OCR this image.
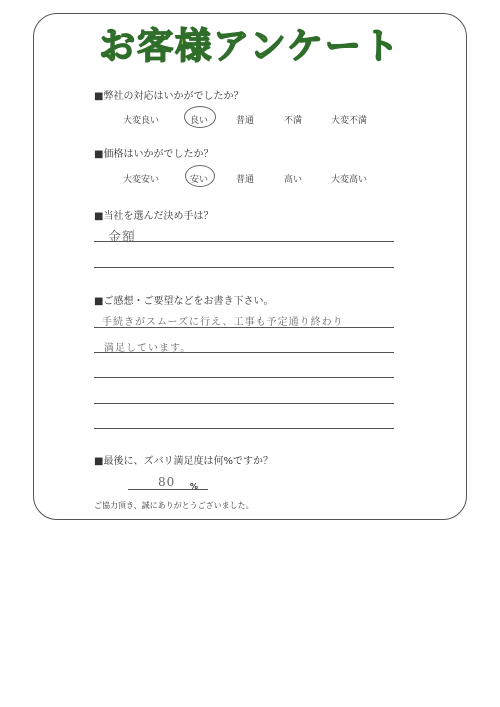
お客様アンケート
■弊社の対応はいかがでしたか？
大変良い	良い	普通	不満	大変不満
■価格はいかがでしたか？
大変安い	安い	普通	高い	大変高い
■当社を選んだ決め手は？
金額
■ご感想・ご要望などをお書き下さい。
手続きがスムーズに行え、工事も予定通り終わり
満足しています。
■最後に、ズバリ満足度は何%ですか？
80 %
ご協力頂き、誠にありがとうございました。
